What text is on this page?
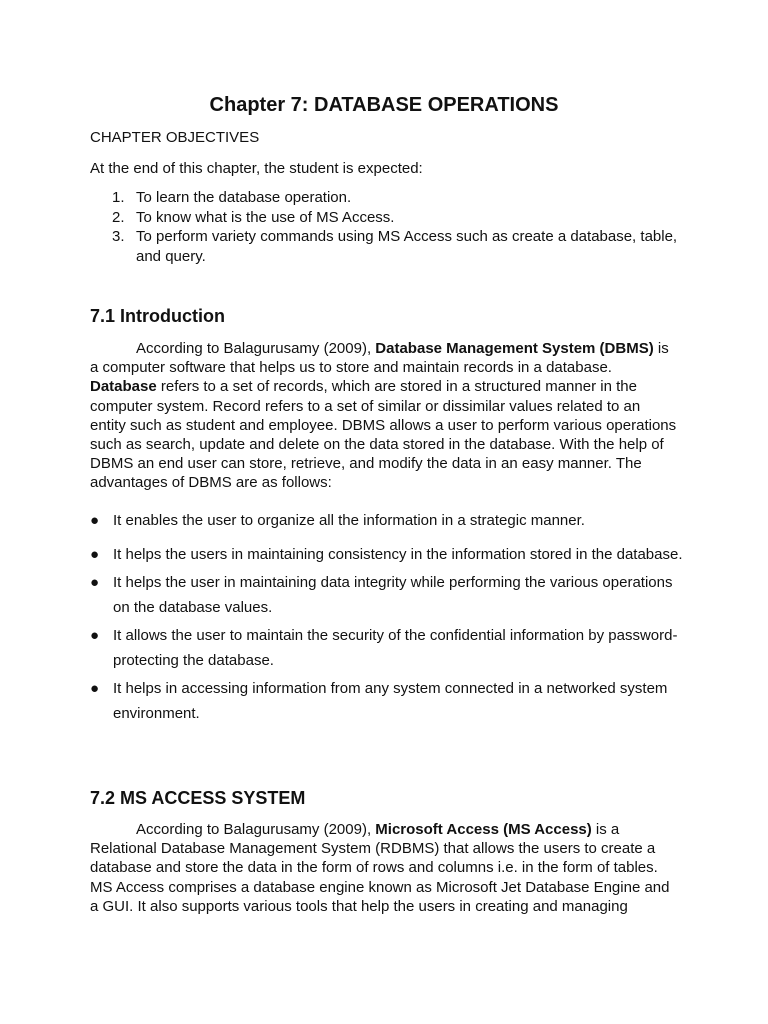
Chapter 7: DATABASE OPERATIONS
CHAPTER OBJECTIVES
At the end of this chapter, the student is expected:
1. To learn the database operation.
2. To know what is the use of MS Access.
3. To perform variety commands using MS Access such as create a database, table, and query.
7.1 Introduction

According to Balagurusamy (2009), Database Management System (DBMS) is a computer software that helps us to store and maintain records in a database. Database refers to a set of records, which are stored in a structured manner in the computer system. Record refers to a set of similar or dissimilar values related to an entity such as student and employee. DBMS allows a user to perform various operations such as search, update and delete on the data stored in the database. With the help of DBMS an end user can store, retrieve, and modify the data in an easy manner. The advantages of DBMS are as follows:

● It enables the user to organize all the information in a strategic manner.
● It helps the users in maintaining consistency in the information stored in the database.
● It helps the user in maintaining data integrity while performing the various operations on the database values.
● It allows the user to maintain the security of the confidential information by password-protecting the database.
● It helps in accessing information from any system connected in a networked system environment.
7.2 MS ACCESS SYSTEM

According to Balagurusamy (2009), Microsoft Access (MS Access) is a Relational Database Management System (RDBMS) that allows the users to create a database and store the data in the form of rows and columns i.e. in the form of tables. MS Access comprises a database engine known as Microsoft Jet Database Engine and a GUI. It also supports various tools that help the users in creating and managing
